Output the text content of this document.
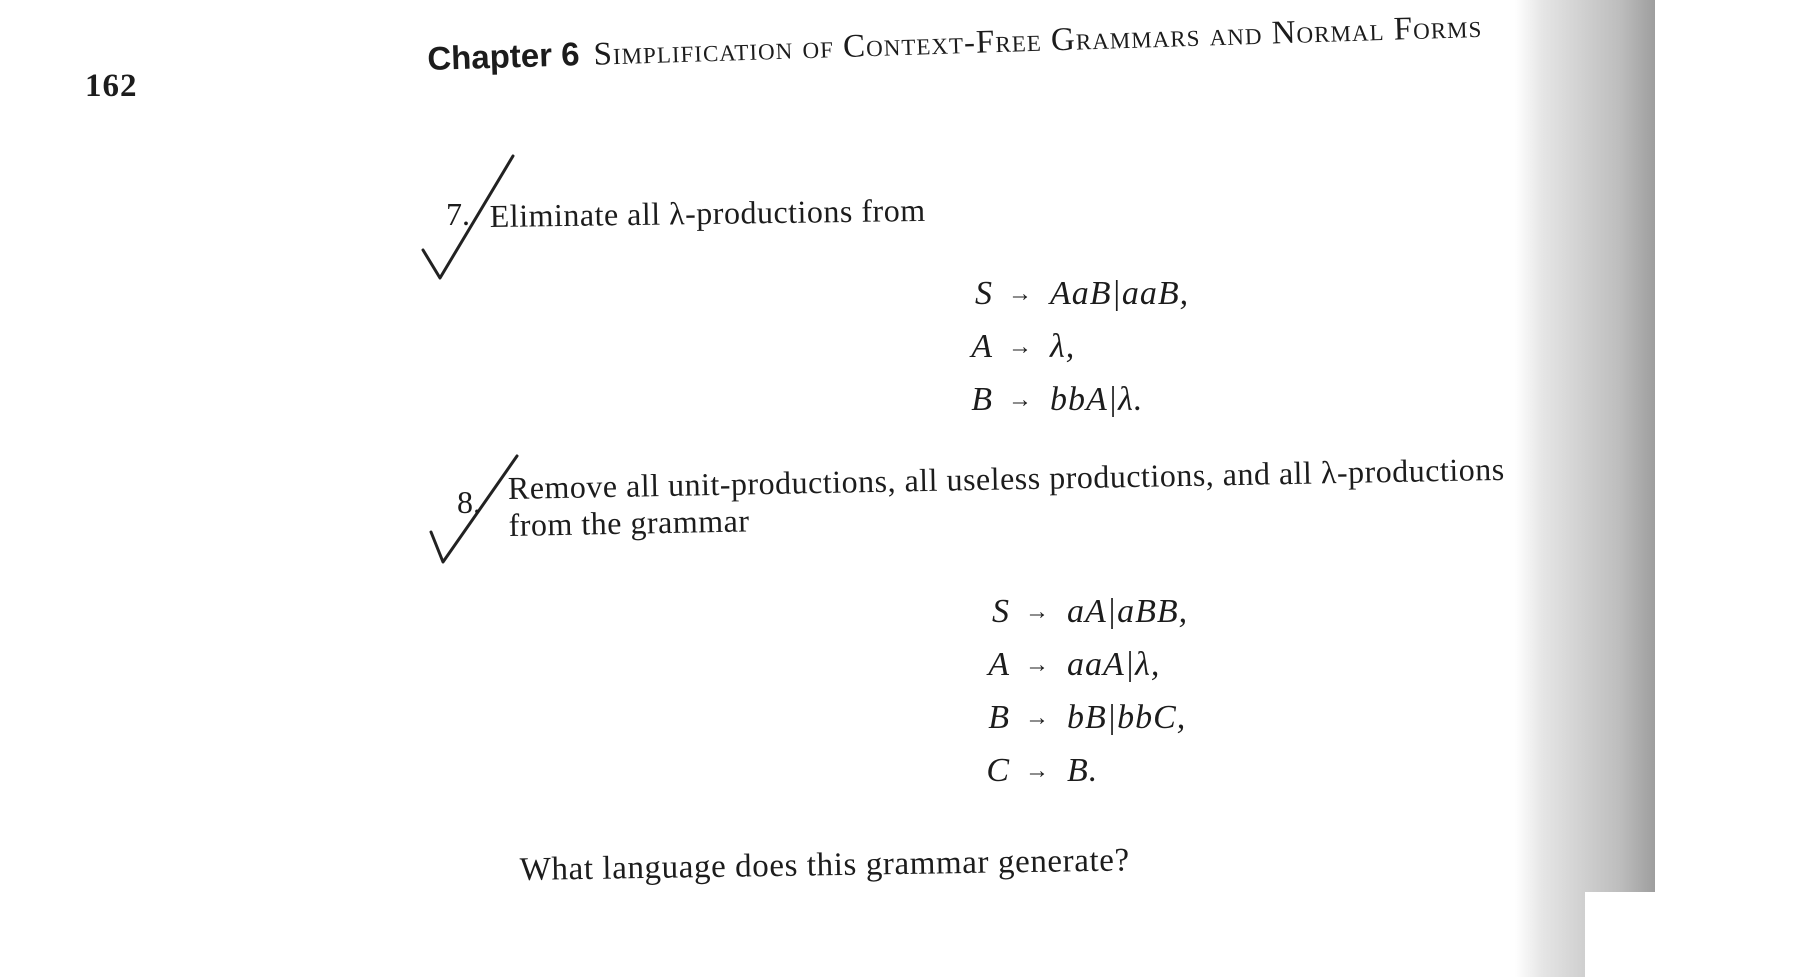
162
Chapter 6 Simplification of Context-Free Grammars and Normal Forms
7. Eliminate all λ-productions from
S → AaB|aaB,
A → λ,
B → bbA|λ.
8. Remove all unit-productions, all useless productions, and all λ-productions
from the grammar
S → aA|aBB,
A → aaA|λ,
B → bB|bbC,
C → B.
What language does this grammar generate?
